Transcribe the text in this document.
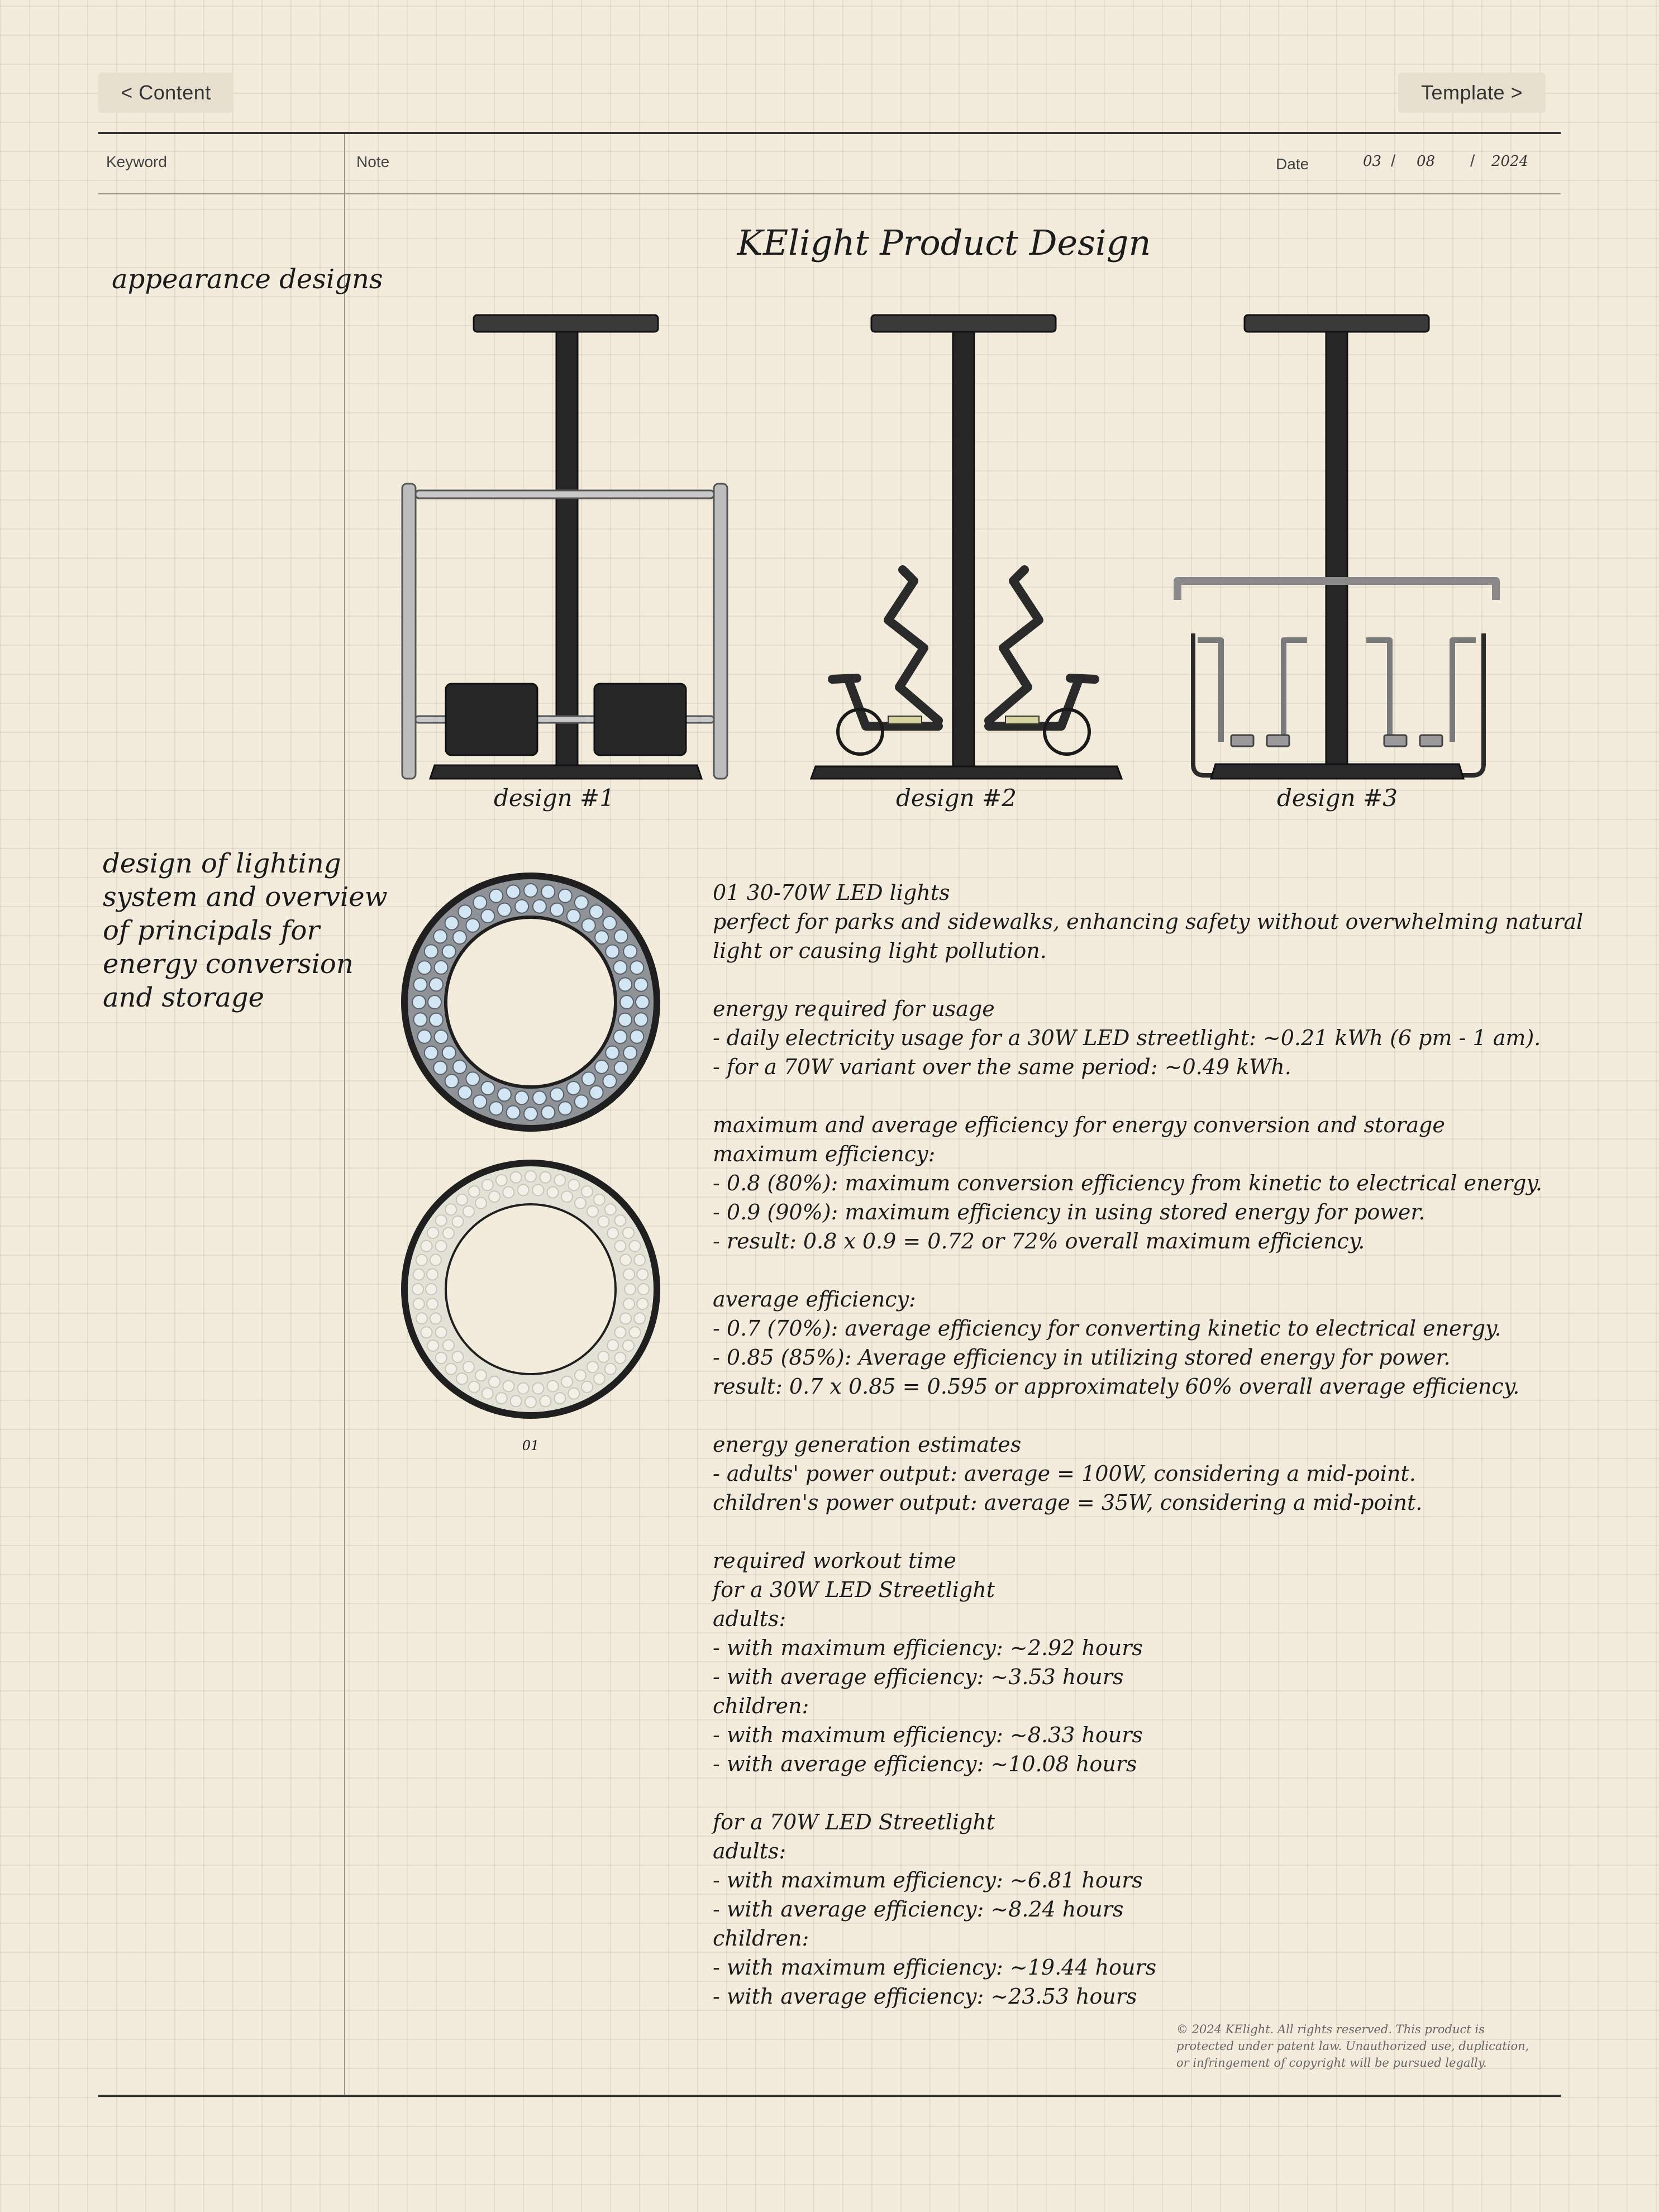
< Content	Template >
Keyword	Note	Date	03 / 08 / 2024
KElight Product Design
appearance designs
design of lighting
system and overview
of principals for
energy conversion
and storage
design #1	design #2	design #3
01
01 30-70W LED lights
perfect for parks and sidewalks, enhancing safety without overwhelming natural
light or causing light pollution.
energy required for usage
- daily electricity usage for a 30W LED streetlight: ~0.21 kWh (6 pm - 1 am).
- for a 70W variant over the same period: ~0.49 kWh.
maximum and average efficiency for energy conversion and storage
maximum efficiency:
- 0.8 (80%): maximum conversion efficiency from kinetic to electrical energy.
- 0.9 (90%): maximum efficiency in using stored energy for power.
- result: 0.8 x 0.9 = 0.72 or 72% overall maximum efficiency.
average efficiency:
- 0.7 (70%): average efficiency for converting kinetic to electrical energy.
- 0.85 (85%): Average efficiency in utilizing stored energy for power.
result: 0.7 x 0.85 = 0.595 or approximately 60% overall average efficiency.
energy generation estimates
- adults' power output: average = 100W, considering a mid-point.
children's power output: average = 35W, considering a mid-point.
required workout time
for a 30W LED Streetlight
adults:
- with maximum efficiency: ~2.92 hours
- with average efficiency: ~3.53 hours
children:
- with maximum efficiency: ~8.33 hours
- with average efficiency: ~10.08 hours
for a 70W LED Streetlight
adults:
- with maximum efficiency: ~6.81 hours
- with average efficiency: ~8.24 hours
children:
- with maximum efficiency: ~19.44 hours
- with average efficiency: ~23.53 hours
© 2024 KElight. All rights reserved. This product is
protected under patent law. Unauthorized use, duplication,
or infringement of copyright will be pursued legally.
